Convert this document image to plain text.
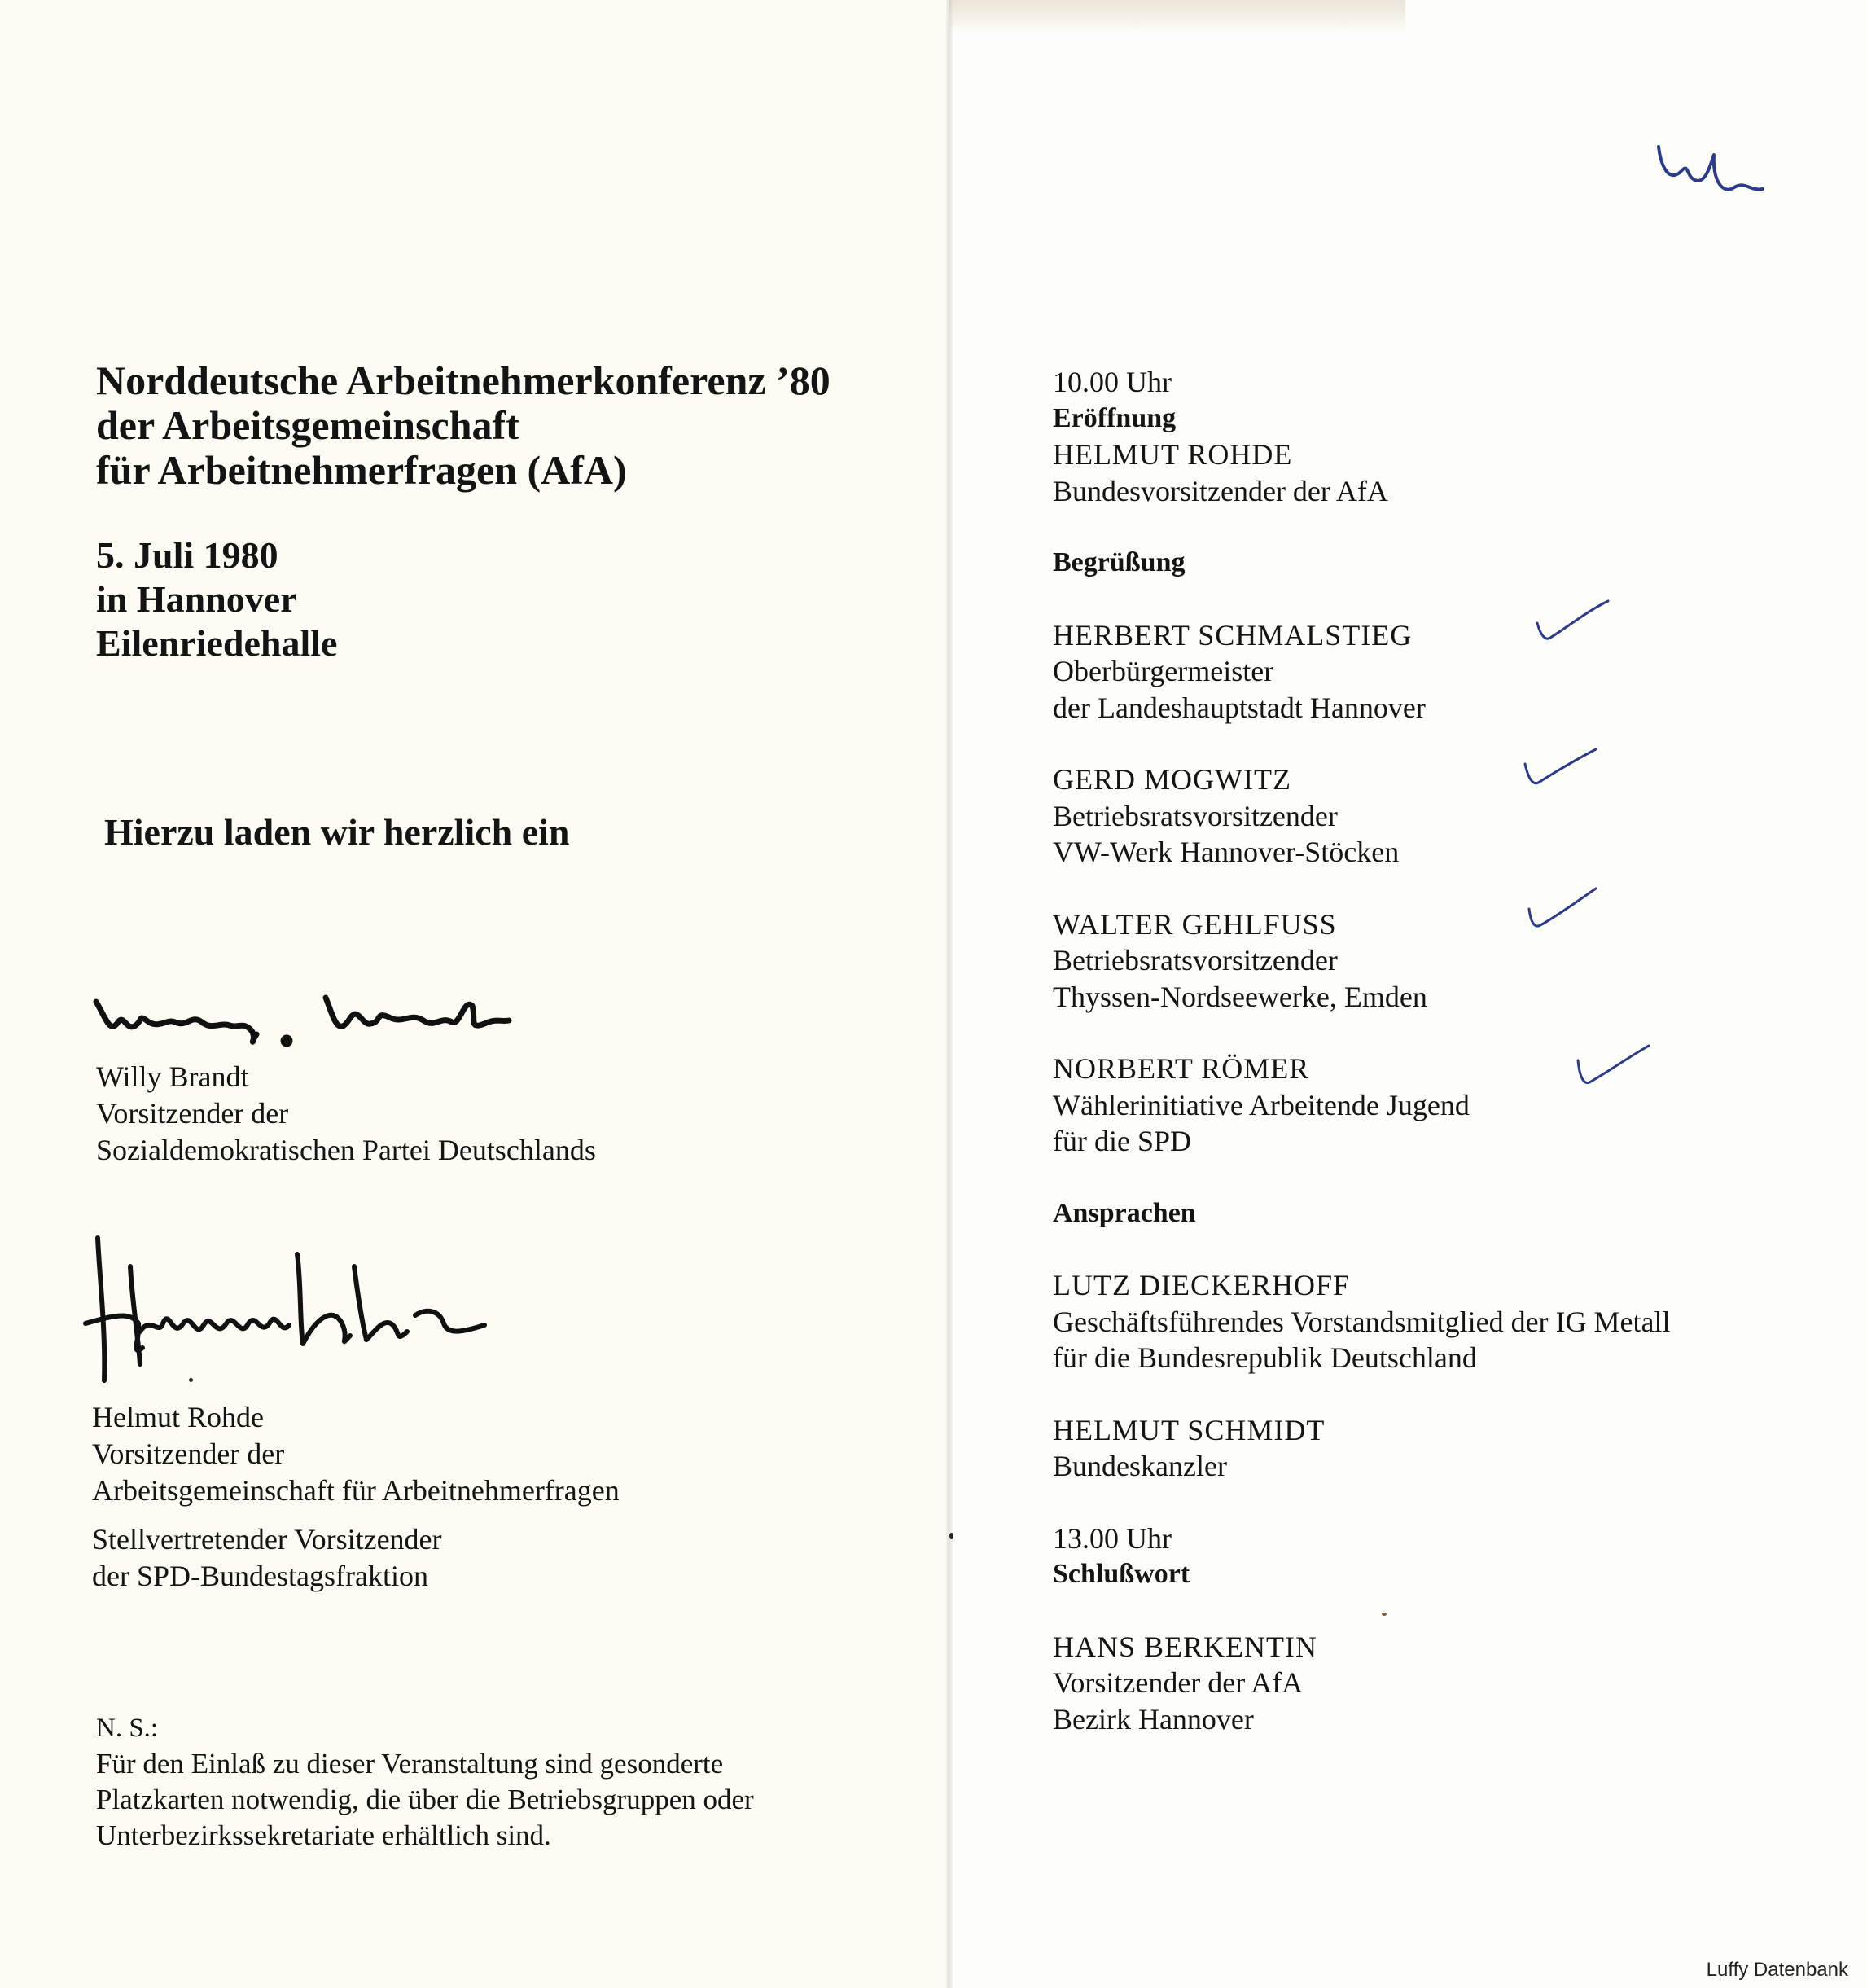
Norddeutsche Arbeitnehmerkonferenz ’80
der Arbeitsgemeinschaft
für Arbeitnehmerfragen (AfA)
5. Juli 1980
in Hannover
Eilenriedehalle
Hierzu laden wir herzlich ein
Willy Brandt
Vorsitzender der
Sozialdemokratischen Partei Deutschlands
Helmut Rohde
Vorsitzender der
Arbeitsgemeinschaft für Arbeitnehmerfragen
Stellvertretender Vorsitzender
der SPD-Bundestagsfraktion
N. S.:
Für den Einlaß zu dieser Veranstaltung sind gesonderte
Platzkarten notwendig, die über die Betriebsgruppen oder
Unterbezirkssekretariate erhältlich sind.
10.00 Uhr
Eröffnung
HELMUT ROHDE
Bundesvorsitzender der AfA
Begrüßung
HERBERT SCHMALSTIEG
Oberbürgermeister
der Landeshauptstadt Hannover
GERD MOGWITZ
Betriebsratsvorsitzender
VW-Werk Hannover-Stöcken
WALTER GEHLFUSS
Betriebsratsvorsitzender
Thyssen-Nordseewerke, Emden
NORBERT RÖMER
Wählerinitiative Arbeitende Jugend
für die SPD
Ansprachen
LUTZ DIECKERHOFF
Geschäftsführendes Vorstandsmitglied der IG Metall
für die Bundesrepublik Deutschland
HELMUT SCHMIDT
Bundeskanzler
13.00 Uhr
Schlußwort
HANS BERKENTIN
Vorsitzender der AfA
Bezirk Hannover
Luffy Datenbank
